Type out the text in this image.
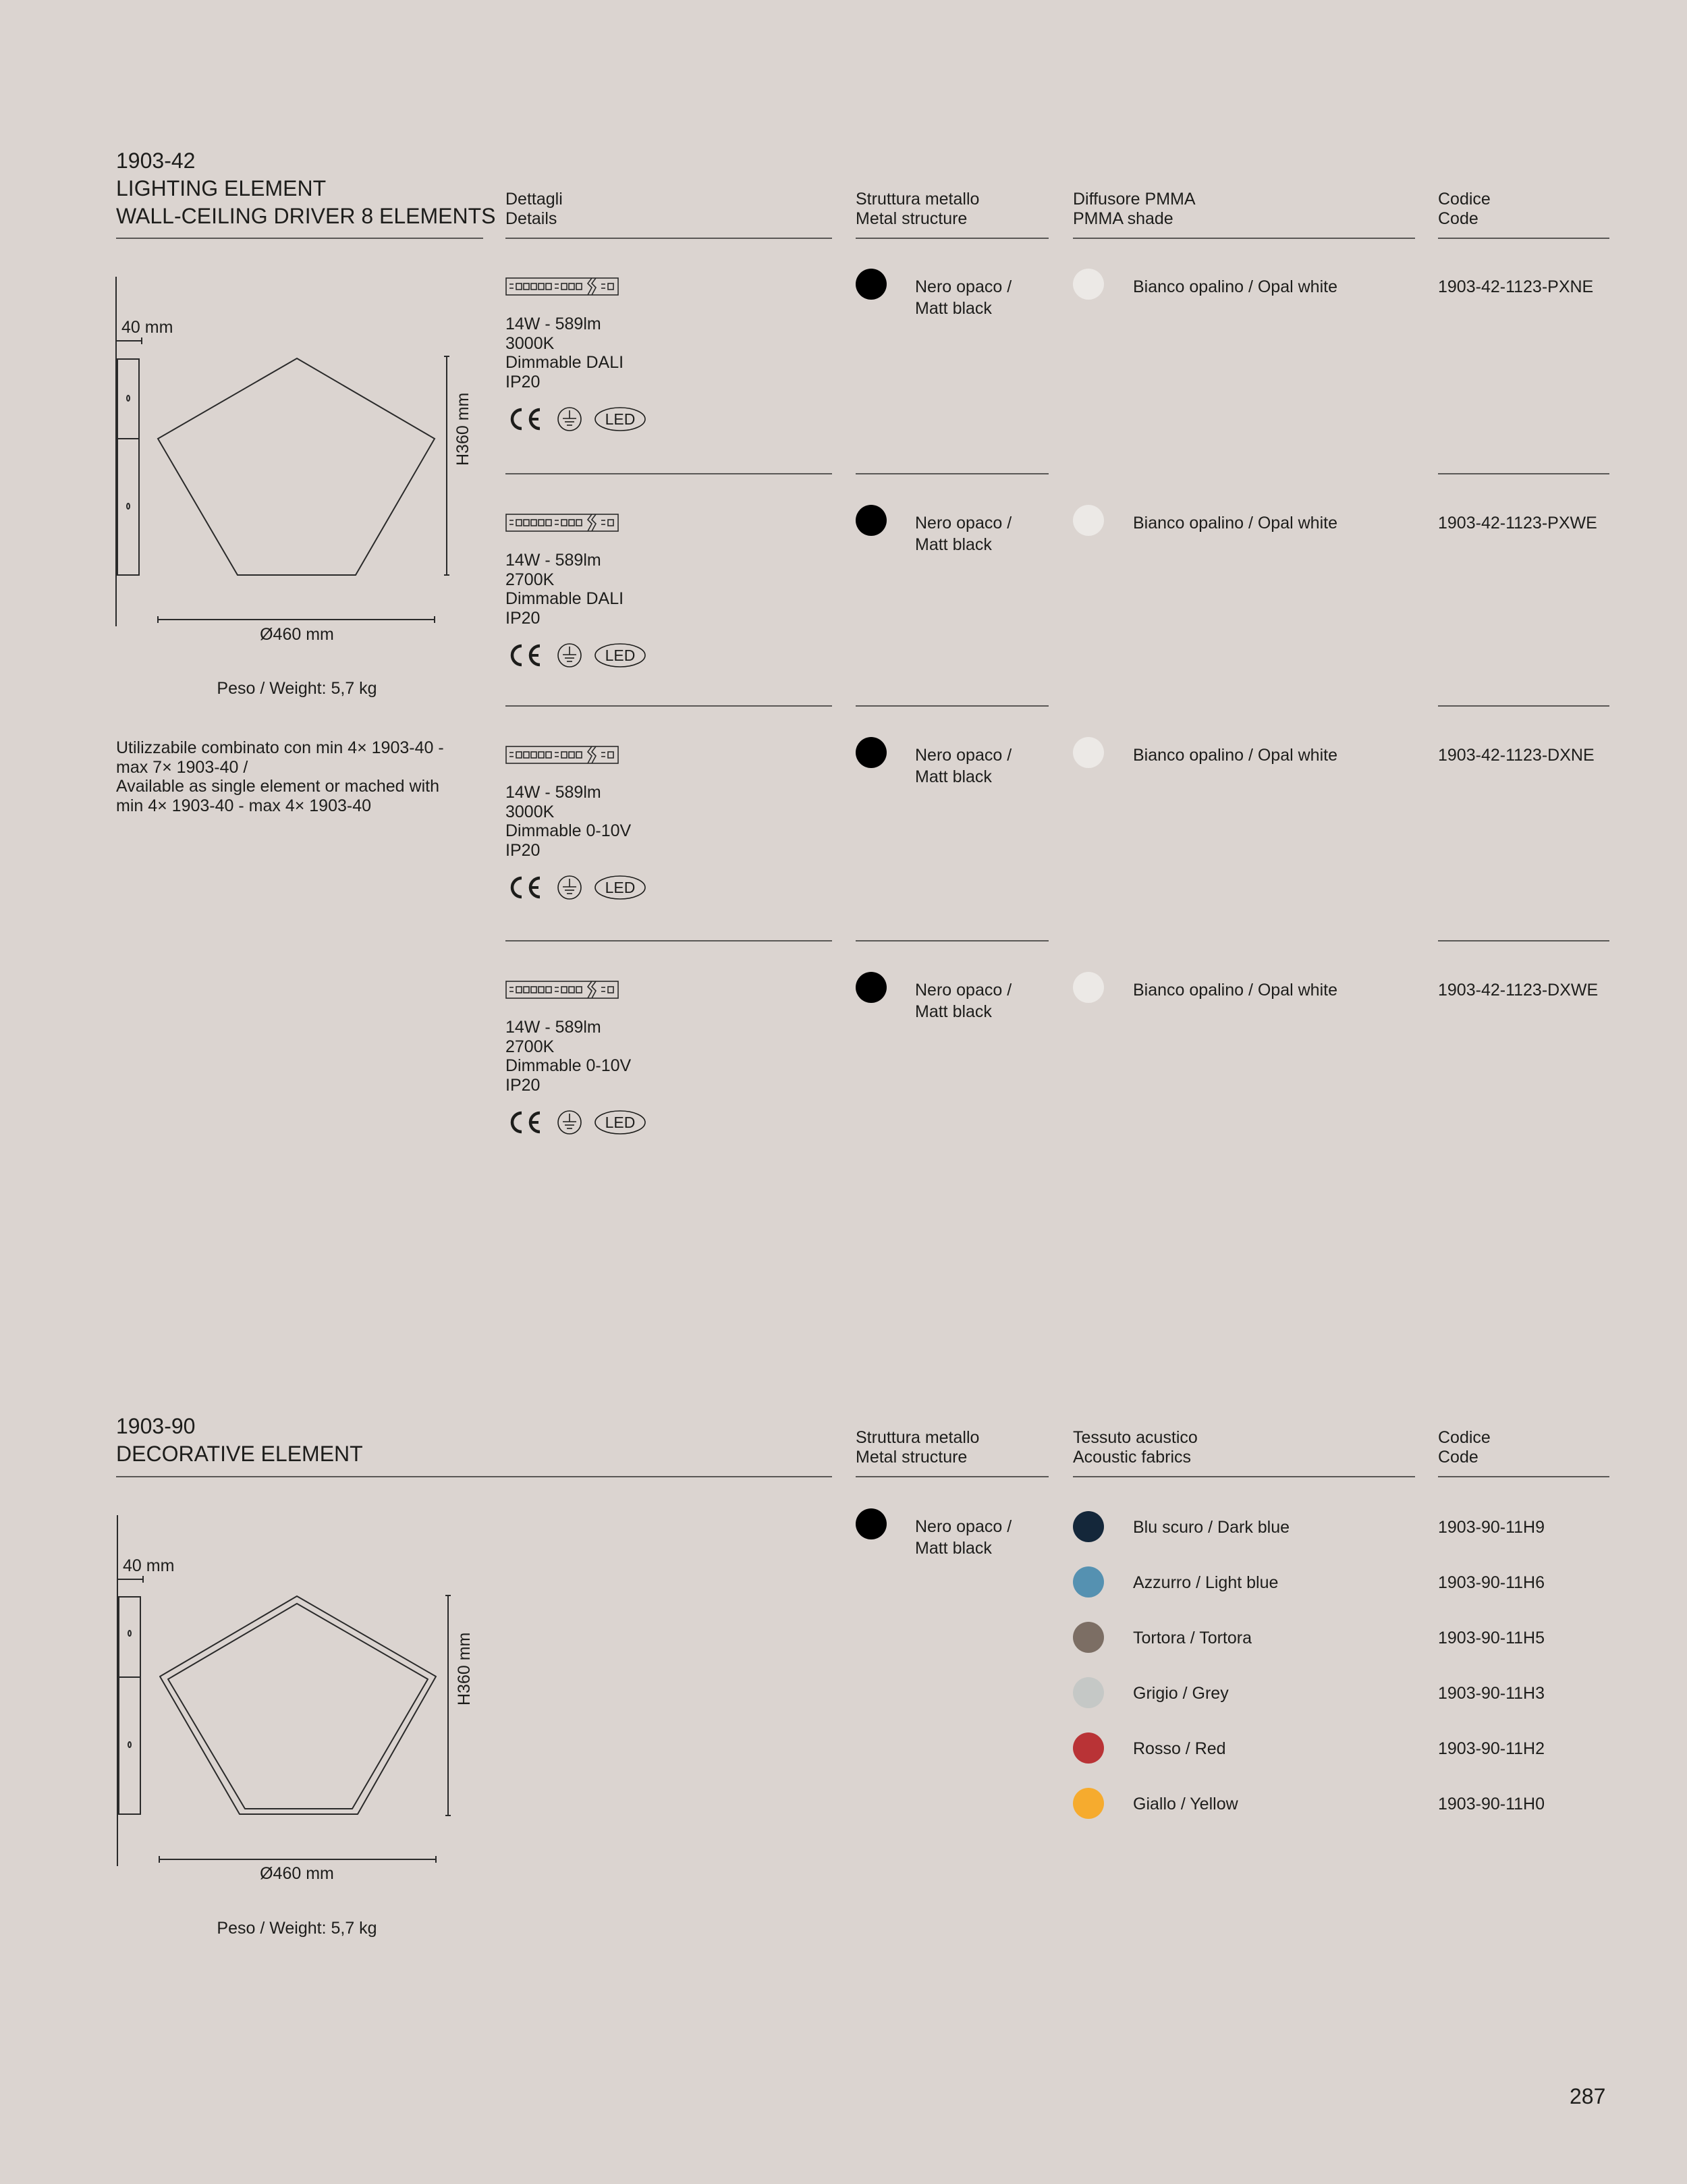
1903-42
LIGHTING ELEMENT
WALL-CEILING DRIVER 8 ELEMENTS
Dettagli
Details
Struttura metallo
Metal structure
Diffusore PMMA
PMMA shade
Codice
Code
40 mm
H360 mm
Ø460 mm
Peso / Weight: 5,7 kg
Utilizzabile combinato con min 4× 1903-40 -
max 7× 1903-40 /
Available as single element or mached with
min 4× 1903-40 - max 4× 1903-40
14W - 589lm
3000K
Dimmable DALI
IP20
LED
Nero opaco /
Matt black
Bianco opalino / Opal white	1903-42-1123-PXNE
14W - 589lm
2700K
Dimmable DALI
IP20
LED
Nero opaco /
Matt black
Bianco opalino / Opal white	1903-42-1123-PXWE
14W - 589lm
3000K
Dimmable 0-10V
IP20
LED
Nero opaco /
Matt black
Bianco opalino / Opal white	1903-42-1123-DXNE
14W - 589lm
2700K
Dimmable 0-10V
IP20
LED
Nero opaco /
Matt black
Bianco opalino / Opal white	1903-42-1123-DXWE
1903-90
DECORATIVE ELEMENT
Struttura metallo
Metal structure
Tessuto acustico
Acoustic fabrics
Codice
Code
40 mm
H360 mm
Ø460 mm
Peso / Weight: 5,7 kg
Nero opaco /
Matt black
Blu scuro / Dark blue	1903-90-11H9
Azzurro / Light blue	1903-90-11H6
Tortora / Tortora	1903-90-11H5
Grigio / Grey	1903-90-11H3
Rosso / Red	1903-90-11H2
Giallo / Yellow	1903-90-11H0
287
